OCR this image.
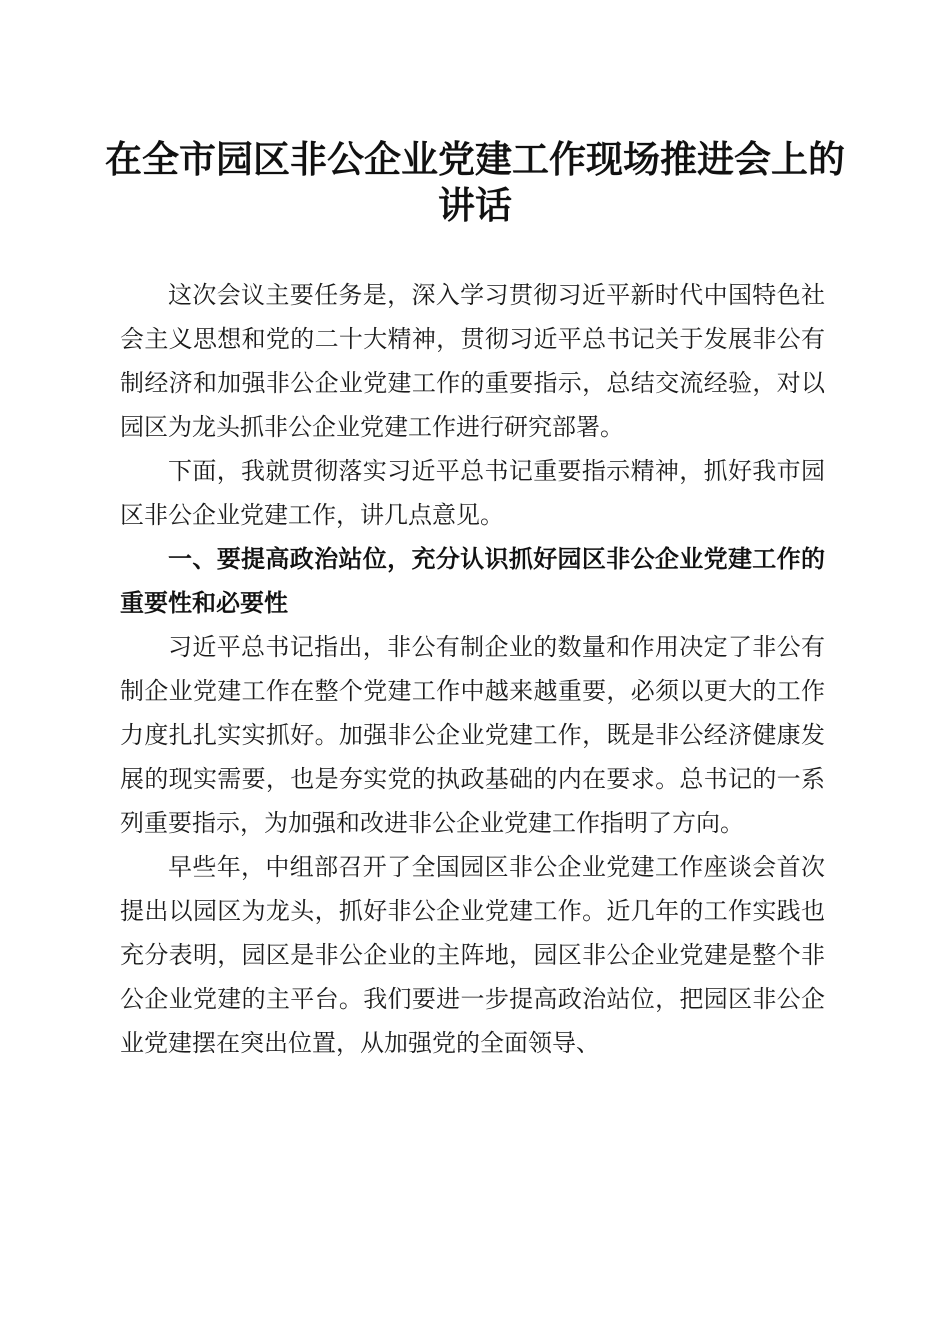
在全市园区非公企业党建工作现场推进会上的
讲话

这次会议主要任务是，深入学习贯彻习近平新时代中国特色社会主义思想和党的二十大精神，贯彻习近平总书记关于发展非公有制经济和加强非公企业党建工作的重要指示，总结交流经验，对以园区为龙头抓非公企业党建工作进行研究部署。

下面，我就贯彻落实习近平总书记重要指示精神，抓好我市园区非公企业党建工作，讲几点意见。

一、要提高政治站位，充分认识抓好园区非公企业党建工作的重要性和必要性

习近平总书记指出，非公有制企业的数量和作用决定了非公有制企业党建工作在整个党建工作中越来越重要，必须以更大的工作力度扎扎实实抓好。加强非公企业党建工作，既是非公经济健康发展的现实需要，也是夯实党的执政基础的内在要求。总书记的一系列重要指示，为加强和改进非公企业党建工作指明了方向。

早些年，中组部召开了全国园区非公企业党建工作座谈会首次提出以园区为龙头，抓好非公企业党建工作。近几年的工作实践也充分表明，园区是非公企业的主阵地，园区非公企业党建是整个非公企业党建的主平台。我们要进一步提高政治站位，把园区非公企业党建摆在突出位置，从加强党的全面领导、
